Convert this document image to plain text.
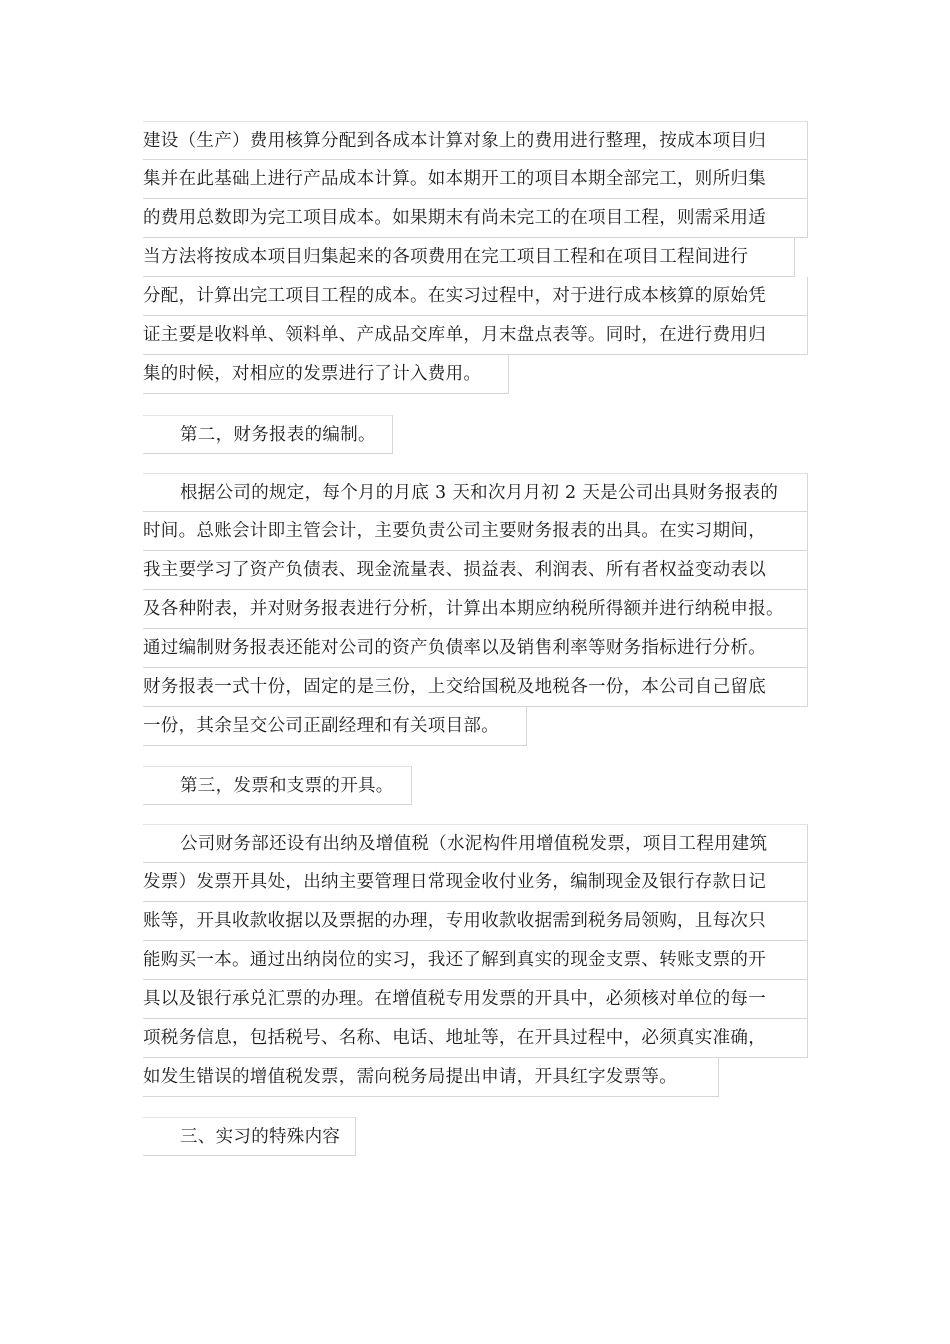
建设（生产）费用核算分配到各成本计算对象上的费用进行整理，按成本项目归
集并在此基础上进行产品成本计算。如本期开工的项目本期全部完工，则所归集
的费用总数即为完工项目成本。如果期末有尚未完工的在项目工程，则需采用适
当方法将按成本项目归集起来的各项费用在完工项目工程和在项目工程间进行
分配，计算出完工项目工程的成本。在实习过程中，对于进行成本核算的原始凭
证主要是收料单、领料单、产成品交库单，月末盘点表等。同时，在进行费用归
集的时候，对相应的发票进行了计入费用。
第二，财务报表的编制。
根据公司的规定，每个月的月底 3 天和次月月初 2 天是公司出具财务报表的
时间。总账会计即主管会计，主要负责公司主要财务报表的出具。在实习期间，
我主要学习了资产负债表、现金流量表、损益表、利润表、所有者权益变动表以
及各种附表，并对财务报表进行分析，计算出本期应纳税所得额并进行纳税申报。
通过编制财务报表还能对公司的资产负债率以及销售利率等财务指标进行分析。
财务报表一式十份，固定的是三份，上交给国税及地税各一份，本公司自己留底
一份，其余呈交公司正副经理和有关项目部。
第三，发票和支票的开具。
公司财务部还设有出纳及增值税（水泥构件用增值税发票，项目工程用建筑
发票）发票开具处，出纳主要管理日常现金收付业务，编制现金及银行存款日记
账等，开具收款收据以及票据的办理，专用收款收据需到税务局领购，且每次只
能购买一本。通过出纳岗位的实习，我还了解到真实的现金支票、转账支票的开
具以及银行承兑汇票的办理。在增值税专用发票的开具中，必须核对单位的每一
项税务信息，包括税号、名称、电话、地址等，在开具过程中，必须真实准确，
如发生错误的增值税发票，需向税务局提出申请，开具红字发票等。
三、实习的特殊内容
